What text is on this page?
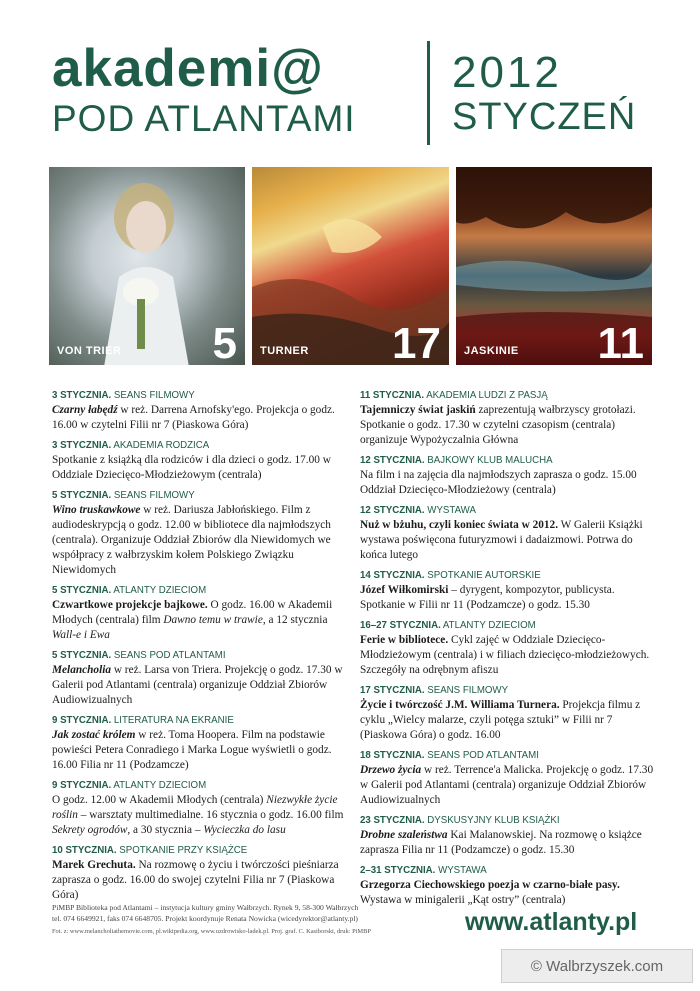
akademi@
POD ATLANTAMI
2012
STYCZEŃ
VON TRIER 5 TURNER 17 JASKINIE 11
3 STYCZNIA. SEANS FILMOWY
Czarny łabędź w reż. Darrena Arnofsky'ego. Projekcja o godz. 16.00 w czytelni Filii nr 7 (Piaskowa Góra)
3 STYCZNIA. AKADEMIA RODZICA
Spotkanie z książką dla rodziców i dla dzieci o godz. 17.00 w Oddziale Dziecięco-Młodzieżowym (centrala)
5 STYCZNIA. SEANS FILMOWY
Wino truskawkowe w reż. Dariusza Jabłońskiego. Film z audiodeskrypcją o godz. 12.00 w bibliotece dla najmłodszych (centrala). Organizuje Oddział Zbiorów dla Niewidomych we współpracy z wałbrzyskim kołem Polskiego Związku Niewidomych
5 STYCZNIA. ATLANTY DZIECIOM
Czwartkowe projekcje bajkowe. O godz. 16.00 w Akademii Młodych (centrala) film Dawno temu w trawie, a 12 stycznia Wall-e i Ewa
5 STYCZNIA. SEANS POD ATLANTAMI
Melancholia w reż. Larsa von Triera. Projekcję o godz. 17.30 w Galerii pod Atlantami (centrala) organizuje Oddział Zbiorów Audiowizualnych
9 STYCZNIA. LITERATURA NA EKRANIE
Jak zostać królem w reż. Toma Hoopera. Film na podstawie powieści Petera Conradiego i Marka Logue wyświetli o godz. 16.00 Filia nr 11 (Podzamcze)
9 STYCZNIA. ATLANTY DZIECIOM
O godz. 12.00 w Akademii Młodych (centrala) Niezwykłe życie roślin – warsztaty multimedialne. 16 stycznia o godz. 16.00 film Sekrety ogrodów, a 30 stycznia – Wycieczka do lasu
10 STYCZNIA. SPOTKANIE PRZY KSIĄŻCE
Marek Grechuta. Na rozmowę o życiu i twórczości pieśniarza zaprasza o godz. 16.00 do swojej czytelni Filia nr 7 (Piaskowa Góra)
11 STYCZNIA. AKADEMIA LUDZI Z PASJĄ
Tajemniczy świat jaskiń zaprezentują wałbrzyscy grotołazi. Spotkanie o godz. 17.30 w czytelni czasopism (centrala) organizuje Wypożyczalnia Główna
12 STYCZNIA. BAJKOWY KLUB MALUCHA
Na film i na zajęcia dla najmłodszych zaprasza o godz. 15.00 Oddział Dziecięco-Młodzieżowy (centrala)
12 STYCZNIA. WYSTAWA
Nuż w bżuhu, czyli koniec świata w 2012. W Galerii Książki wystawa poświęcona futuryzmowi i dadaizmowi. Potrwa do końca lutego
14 STYCZNIA. SPOTKANIE AUTORSKIE
Józef Wiłkomirski – dyrygent, kompozytor, publicysta. Spotkanie w Filii nr 11 (Podzamcze) o godz. 15.30
16–27 STYCZNIA. ATLANTY DZIECIOM
Ferie w bibliotece. Cykl zajęć w Oddziale Dziecięco-Młodzieżowym (centrala) i w filiach dziecięco-młodzieżowych. Szczegóły na odrębnym afiszu
17 STYCZNIA. SEANS FILMOWY
Życie i twórczość J.M. Williama Turnera. Projekcja filmu z cyklu „Wielcy malarze, czyli potęga sztuki” w Filii nr 7 (Piaskowa Góra) o godz. 16.00
18 STYCZNIA. SEANS POD ATLANTAMI
Drzewo życia w reż. Terrence'a Malicka. Projekcję o godz. 17.30 w Galerii pod Atlantami (centrala) organizuje Oddział Zbiorów Audiowizualnych
23 STYCZNIA. DYSKUSYJNY KLUB KSIĄŻKI
Drobne szaleństwa Kai Malanowskiej. Na rozmowę o książce zaprasza Filia nr 11 (Podzamcze) o godz. 15.30
2–31 STYCZNIA. WYSTAWA
Grzegorza Ciechowskiego poezja w czarno-białe pasy. Wystawa w minigalerii „Kąt ostry” (centrala)
PiMBP Biblioteka pod Atlantami – instytucja kultury gminy Wałbrzych. Rynek 9, 58-300 Wałbrzych
tel. 074 6649921, faks 074 6648705. Projekt koordynuje Renata Nowicka (wicedyrektor@atlanty.pl)
Fot. z: www.melancholiathemovie.com, pl.wikipedia.org, www.uzdrowisko-ladek.pl. Proj. graf. C. Kasiborski, druk: PiMBP	www.atlanty.pl
© Walbrzyszek.com
